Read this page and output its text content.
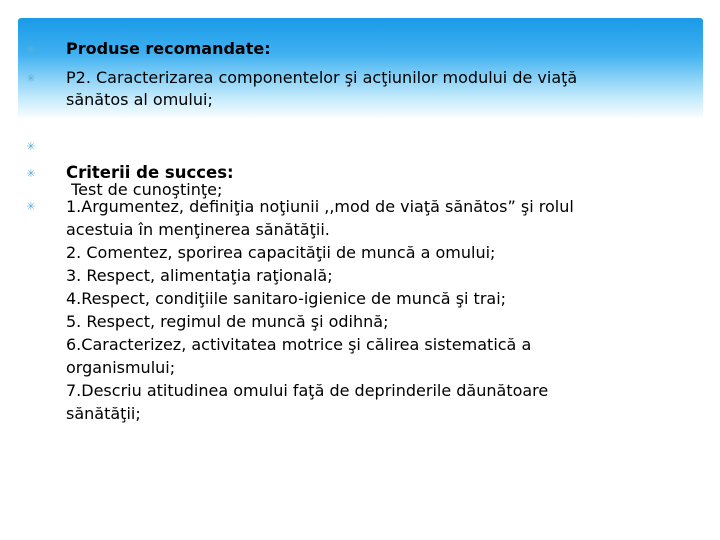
✳ Produse recomandate:
✳ P2. Caracterizarea componentelor şi acţiunilor modului de viaţă
sănătos al omului;
✳

Test de cunoştinţe;

✳ Criterii de succes:
✳ 1.Argumentez, definiţia noţiunii ,,mod de viaţă sănătos” şi rolul
acestuia în menţinerea sănătăţii.
2. Comentez, sporirea capacităţii de muncă a omului;
3. Respect, alimentaţia raţională;
4.Respect, condiţiile sanitaro-igienice de muncă şi trai;
5. Respect, regimul de muncă şi odihnă;
6.Caracterizez, activitatea motrice şi călirea sistematică a
organismului;
7.Descriu atitudinea omului faţă de deprinderile dăunătoare
sănătăţii;
